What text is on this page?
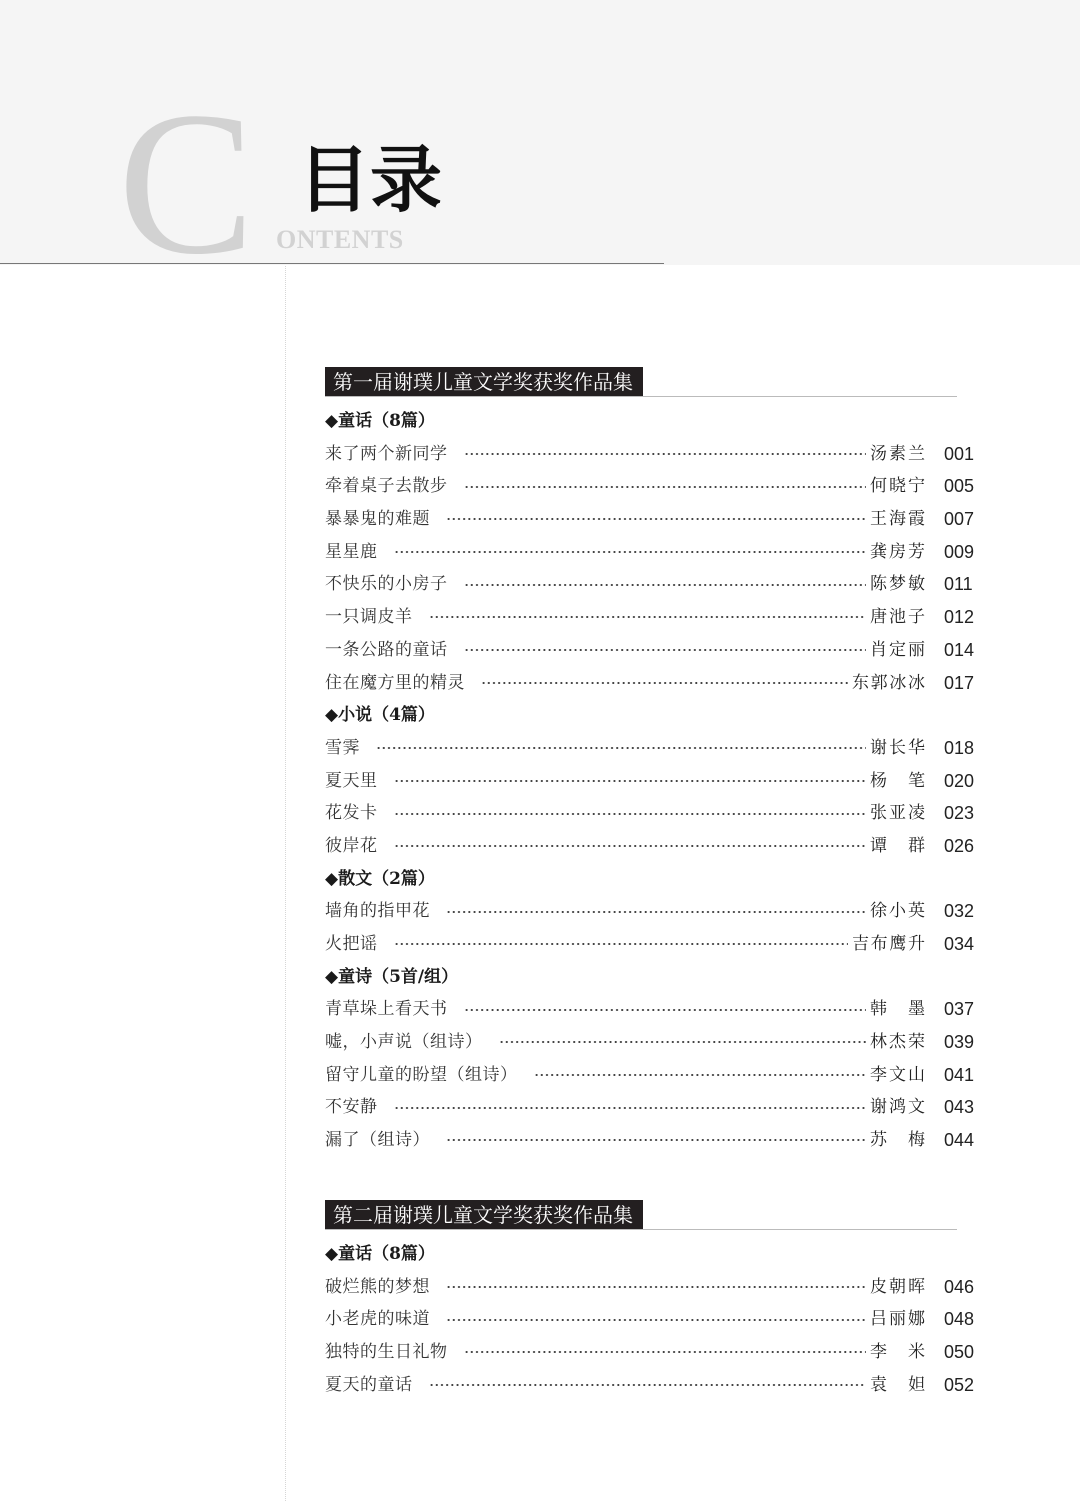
C 目录
ONTENTS
第一届谢璞儿童文学奖获奖作品集
◆童话（8篇）
来了两个新同学	汤素兰 001
牵着桌子去散步	何晓宁 005
暴暴鬼的难题	王海霞 007
星星鹿	龚房芳 009
不快乐的小房子	陈梦敏 011
一只调皮羊	唐池子 012
一条公路的童话	肖定丽 014
住在魔方里的精灵	东郭冰冰 017
◆小说（4篇）
雪霁	谢长华 018
夏天里	杨 笔 020
花发卡	张亚凌 023
彼岸花	谭 群 026
◆散文（2篇）
墙角的指甲花	徐小英 032
火把谣	吉布鹰升 034
◆童诗（5首/组）
青草垛上看天书	韩 墨 037
嘘，小声说（组诗）	林杰荣 039
留守儿童的盼望（组诗）	李文山 041
不安静	谢鸿文 043
漏了（组诗）	苏 梅 044
第二届谢璞儿童文学奖获奖作品集
◆童话（8篇）
破烂熊的梦想	皮朝晖 046
小老虎的味道	吕丽娜 048
独特的生日礼物	李 米 050
夏天的童话	袁 妲 052
